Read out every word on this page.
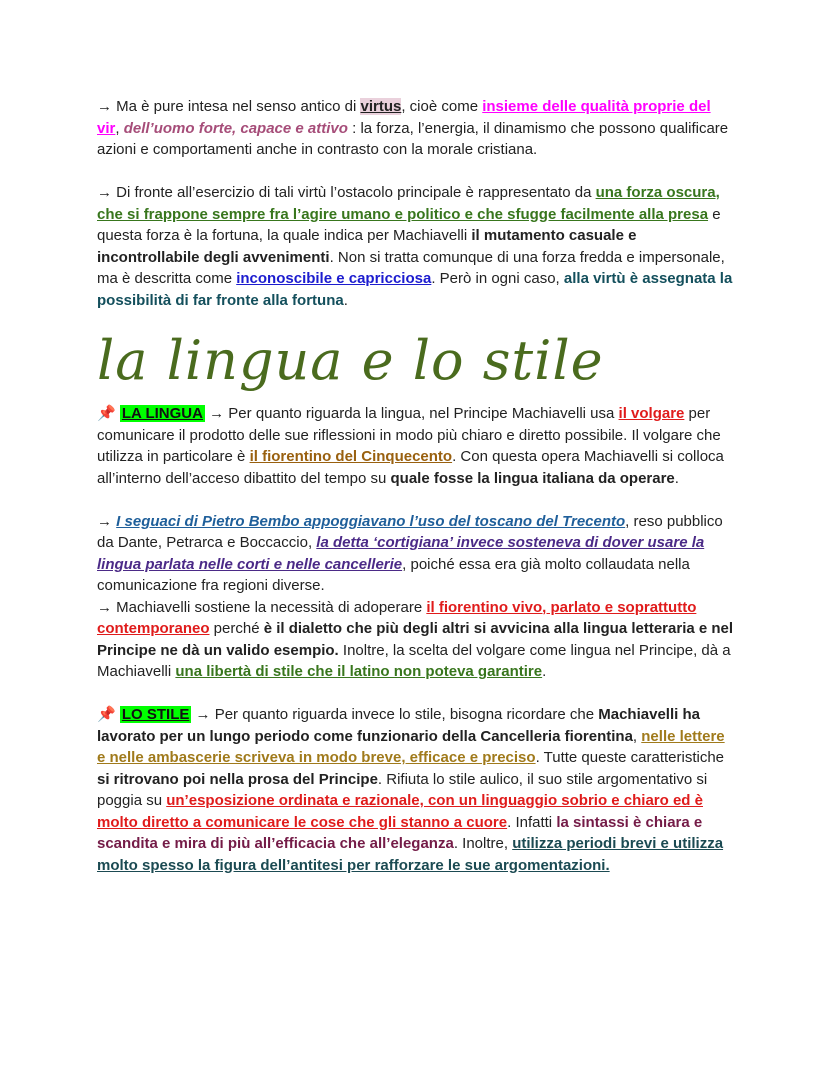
→ Ma è pure intesa nel senso antico di virtus, cioè come insieme delle qualità proprie del vir, dell’uomo forte, capace e attivo : la forza, l’energia, il dinamismo che possono qualificare azioni e comportamenti anche in contrasto con la morale cristiana.

→ Di fronte all’esercizio di tali virtù l’ostacolo principale è rappresentato da una forza oscura, che si frappone sempre fra l’agire umano e politico e che sfugge facilmente alla presa e questa forza è la fortuna, la quale indica per Machiavelli il mutamento casuale e incontrollabile degli avvenimenti. Non si tratta comunque di una forza fredda e impersonale, ma è descritta come inconoscibile e capricciosa. Però in ogni caso, alla virtù è assegnata la possibilità di far fronte alla fortuna.

la lingua e lo stile

📌 LA LINGUA → Per quanto riguarda la lingua, nel Principe Machiavelli usa il volgare per comunicare il prodotto delle sue riflessioni in modo più chiaro e diretto possibile. Il volgare che utilizza in particolare è il fiorentino del Cinquecento. Con questa opera Machiavelli si colloca all’interno dell’acceso dibattito del tempo su quale fosse la lingua italiana da operare.

→ I seguaci di Pietro Bembo appoggiavano l’uso del toscano del Trecento, reso pubblico da Dante, Petrarca e Boccaccio, la detta ‘cortigiana’ invece sosteneva di dover usare la lingua parlata nelle corti e nelle cancellerie, poiché essa era già molto collaudata nella comunicazione fra regioni diverse.

→ Machiavelli sostiene la necessità di adoperare il fiorentino vivo, parlato e soprattutto contemporaneo perché è il dialetto che più degli altri si avvicina alla lingua letteraria e nel Principe ne dà un valido esempio. Inoltre, la scelta del volgare come lingua nel Principe, dà a Machiavelli una libertà di stile che il latino non poteva garantire.

📌 LO STILE → Per quanto riguarda invece lo stile, bisogna ricordare che Machiavelli ha lavorato per un lungo periodo come funzionario della Cancelleria fiorentina, nelle lettere e nelle ambascerie scriveva in modo breve, efficace e preciso. Tutte queste caratteristiche si ritrovano poi nella prosa del Principe. Rifiuta lo stile aulico, il suo stile argomentativo si poggia su un’esposizione ordinata e razionale, con un linguaggio sobrio e chiaro ed è molto diretto a comunicare le cose che gli stanno a cuore. Infatti la sintassi è chiara e scandita e mira di più all’efficacia che all’eleganza. Inoltre, utilizza periodi brevi e utilizza molto spesso la figura dell’antitesi per rafforzare le sue argomentazioni.
